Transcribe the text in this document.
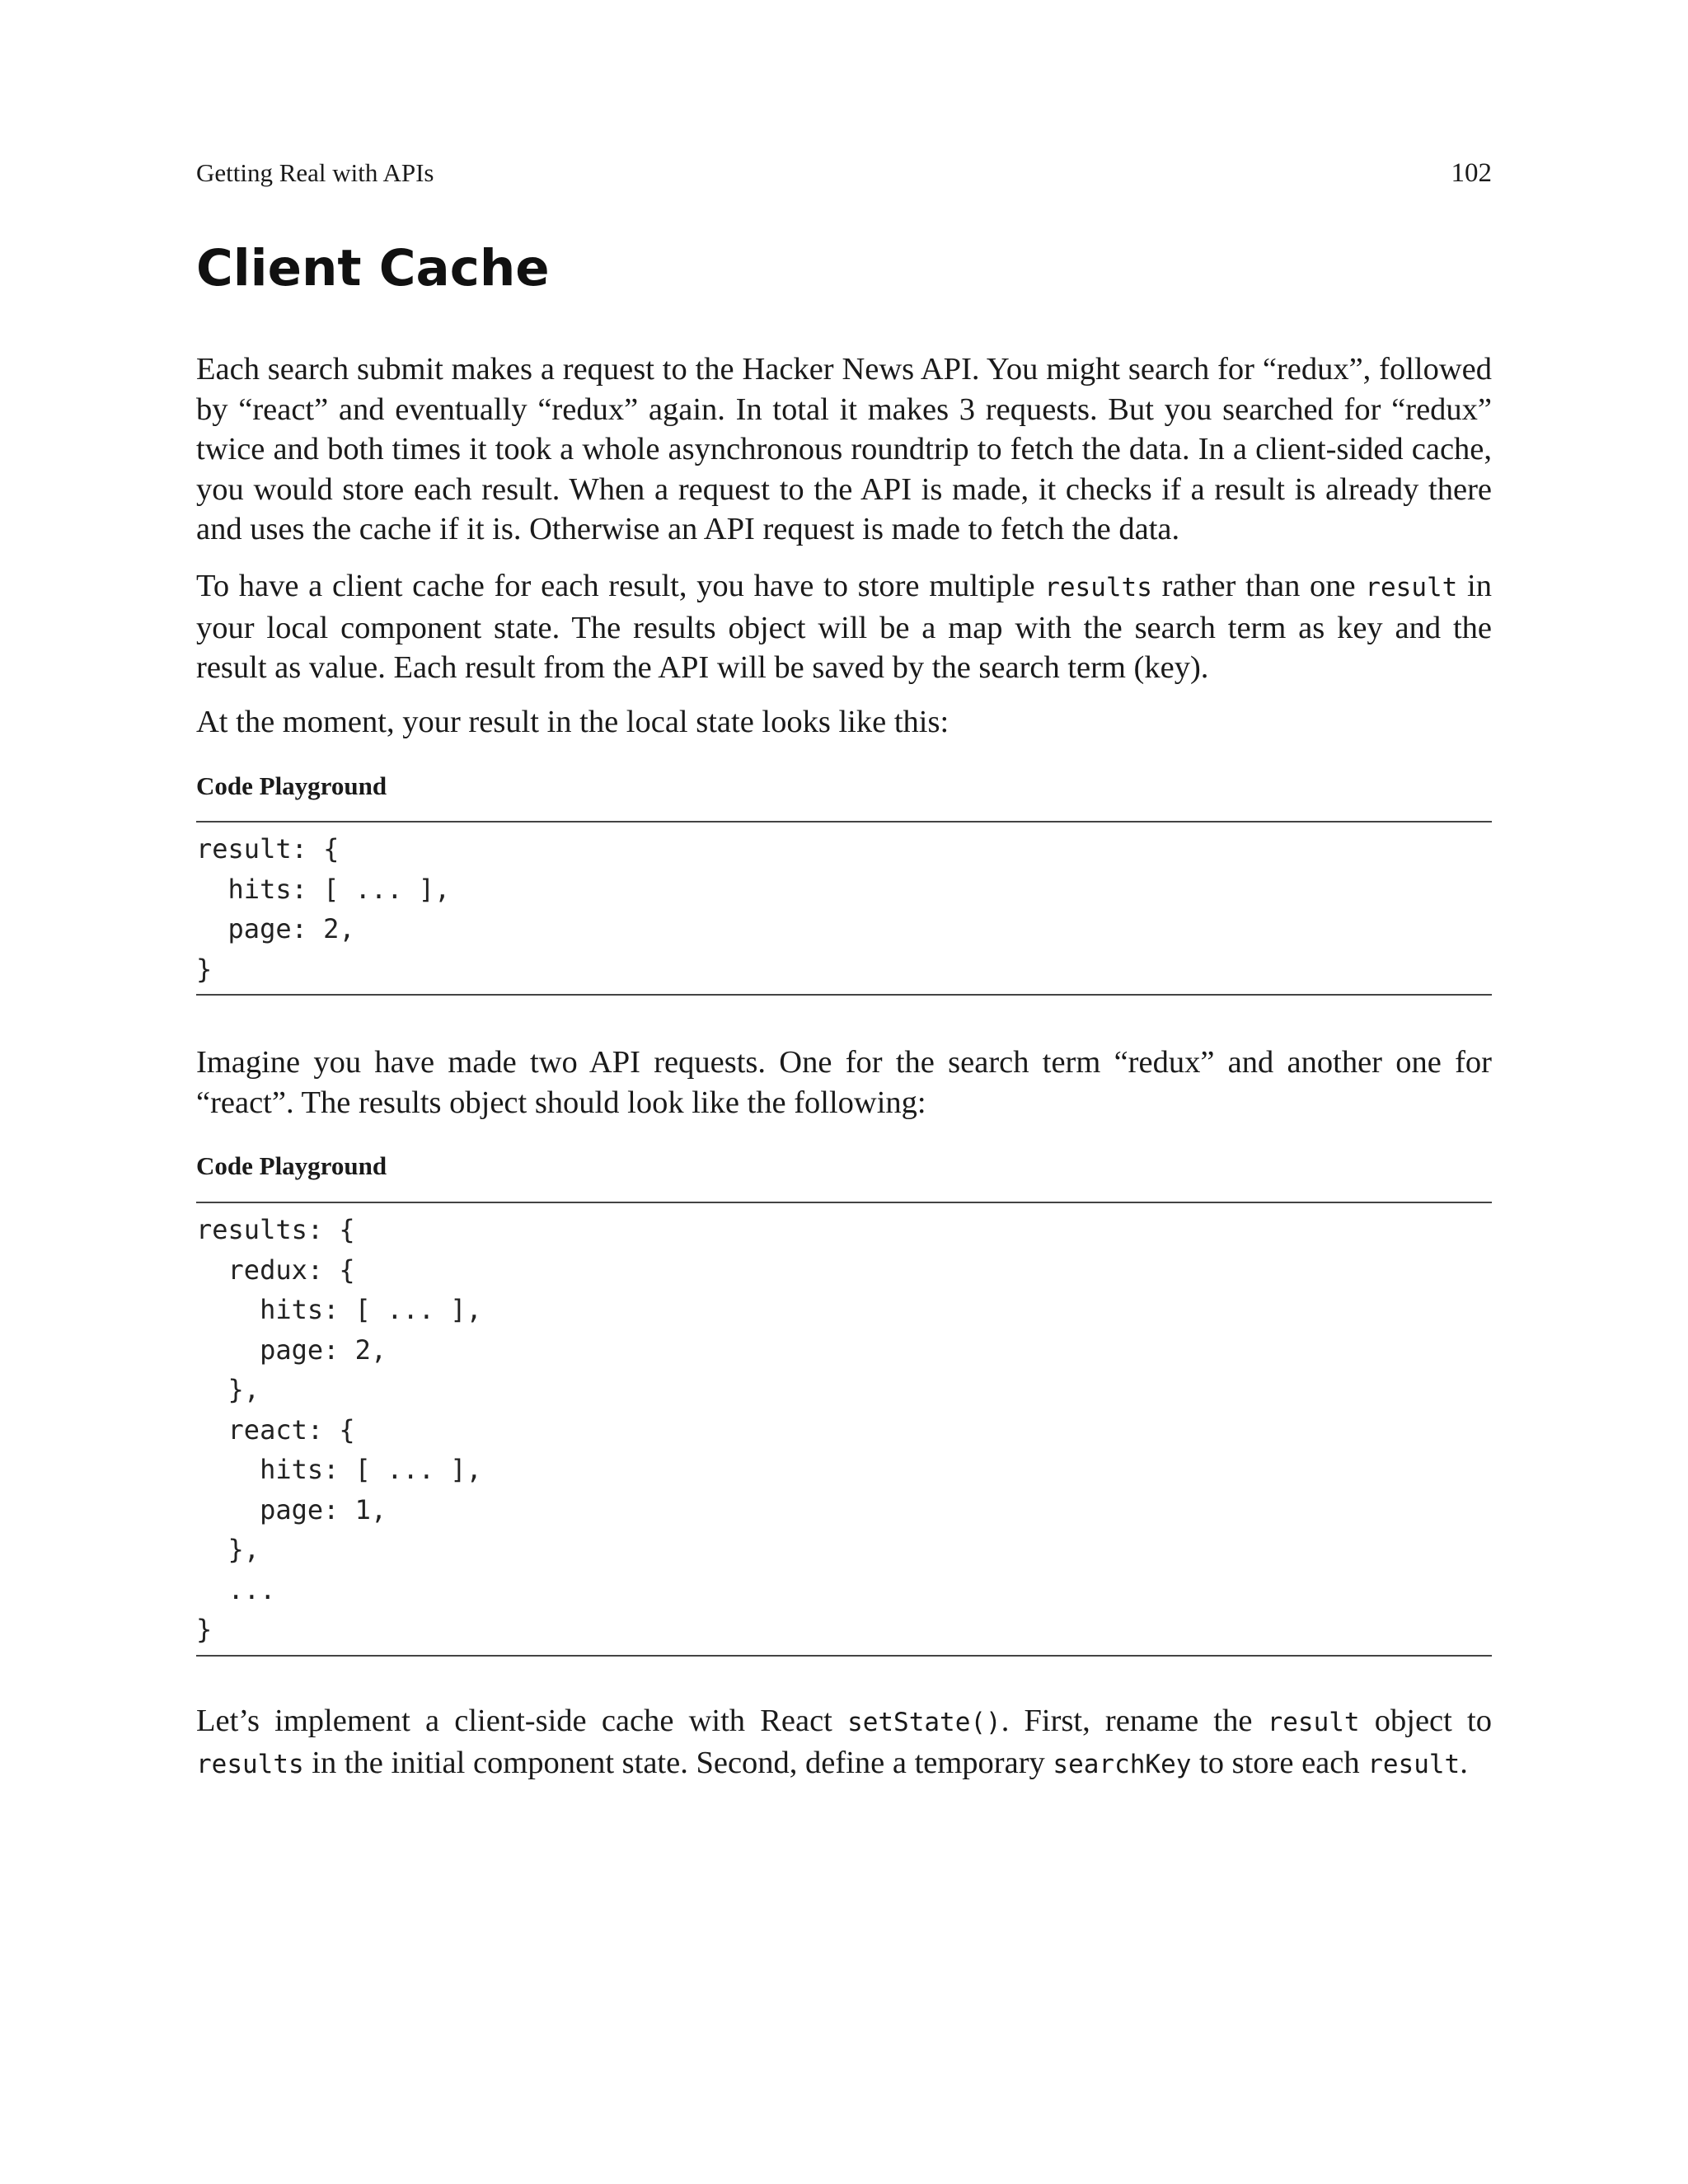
Getting Real with APIs	102
Client Cache

Each search submit makes a request to the Hacker News API. You might search for “redux”, followed by “react” and eventually “redux” again. In total it makes 3 requests. But you searched for “redux” twice and both times it took a whole asynchronous roundtrip to fetch the data. In a client-sided cache, you would store each result. When a request to the API is made, it checks if a result is already there and uses the cache if it is. Otherwise an API request is made to fetch the data.

To have a client cache for each result, you have to store multiple results rather than one result in your local component state. The results object will be a map with the search term as key and the result as value. Each result from the API will be saved by the search term (key).

At the moment, your result in the local state looks like this:

Code Playground
result: {
hits: [ ... ],
page: 2,
}

Imagine you have made two API requests. One for the search term “redux” and another one for “react”. The results object should look like the following:

Code Playground
results: {
redux: {
hits: [ ... ],
page: 2,
},
react: {
hits: [ ... ],
page: 1,
},
...
}

Let’s implement a client-side cache with React setState(). First, rename the result object to results in the initial component state. Second, define a temporary searchKey to store each result.
